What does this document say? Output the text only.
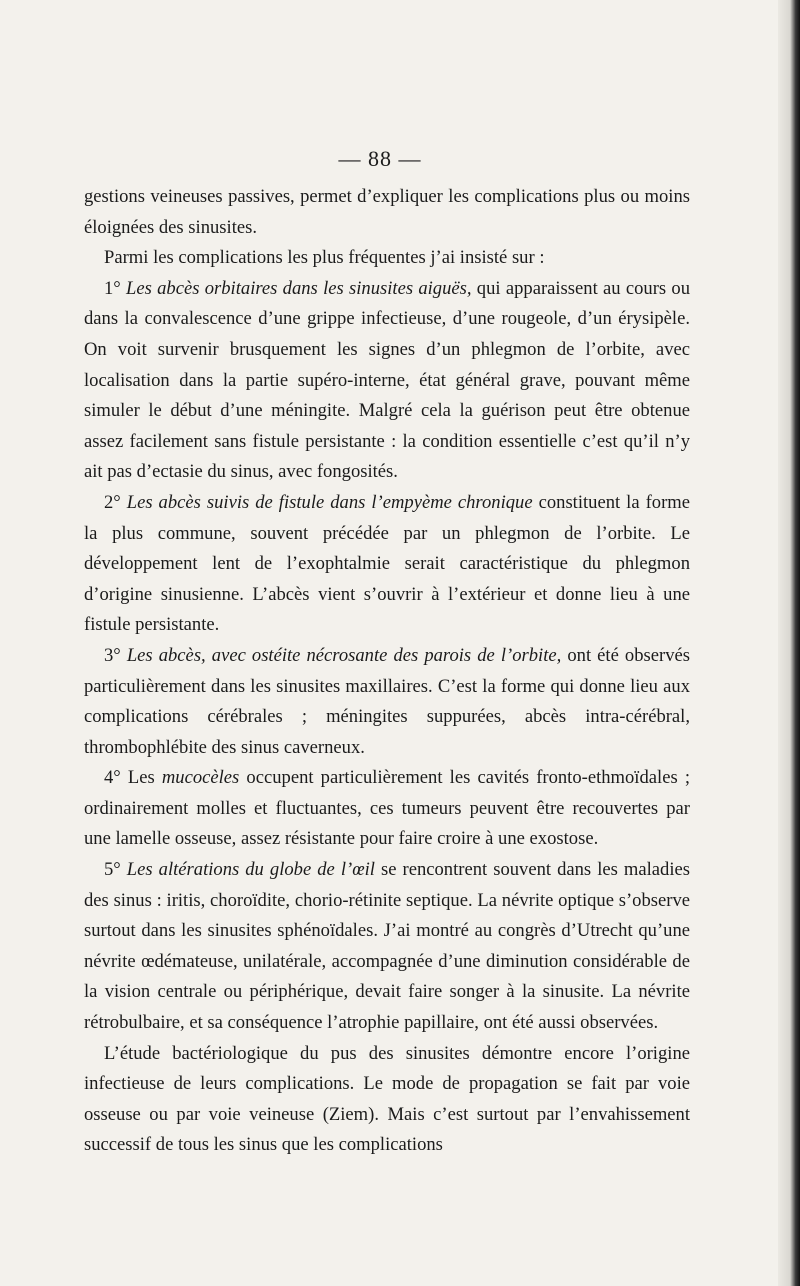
— 88 —

gestions veineuses passives, permet d’expliquer les complications plus ou moins éloignées des sinusites.

Parmi les complications les plus fréquentes j’ai insisté sur :

1° Les abcès orbitaires dans les sinusites aiguës, qui apparaissent au cours ou dans la convalescence d’une grippe infectieuse, d’une rougeole, d’un érysipèle. On voit survenir brusquement les signes d’un phlegmon de l’orbite, avec localisation dans la partie supéro-interne, état général grave, pouvant même simuler le début d’une méningite. Malgré cela la guérison peut être obtenue assez facilement sans fistule persistante : la condition essentielle c’est qu’il n’y ait pas d’ectasie du sinus, avec fongosités.

2° Les abcès suivis de fistule dans l’empyème chronique constituent la forme la plus commune, souvent précédée par un phlegmon de l’orbite. Le développement lent de l’exophtalmie serait caractéristique du phlegmon d’origine sinusienne. L’abcès vient s’ouvrir à l’extérieur et donne lieu à une fistule persistante.

3° Les abcès, avec ostéite nécrosante des parois de l’orbite, ont été observés particulièrement dans les sinusites maxillaires. C’est la forme qui donne lieu aux complications cérébrales ; méningites suppurées, abcès intra-cérébral, thrombophlébite des sinus caverneux.

4° Les mucocèles occupent particulièrement les cavités fronto-ethmoïdales ; ordinairement molles et fluctuantes, ces tumeurs peuvent être recouvertes par une lamelle osseuse, assez résistante pour faire croire à une exostose.

5° Les altérations du globe de l’œil se rencontrent souvent dans les maladies des sinus : iritis, choroïdite, chorio-rétinite septique. La névrite optique s’observe surtout dans les sinusites sphénoïdales. J’ai montré au congrès d’Utrecht qu’une névrite œdémateuse, unilatérale, accompagnée d’une diminution considérable de la vision centrale ou périphérique, devait faire songer à la sinusite. La névrite rétrobulbaire, et sa conséquence l’atrophie papillaire, ont été aussi observées.

L’étude bactériologique du pus des sinusites démontre encore l’origine infectieuse de leurs complications. Le mode de propagation se fait par voie osseuse ou par voie veineuse (Ziem). Mais c’est surtout par l’envahissement successif de tous les sinus que les complications
